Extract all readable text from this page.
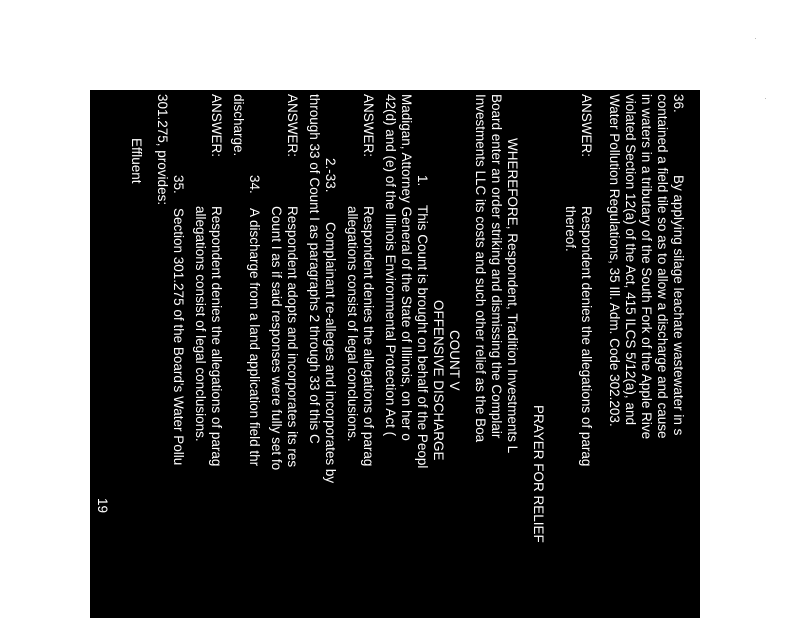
36.
By applying silage leachate wastewater in s
contained a field tile so as to allow a discharge and cause
in waters in a tributary of the South Fork of the Apple Rive
violated Section 12(a) of the Act, 415 ILCS 5/12(a), and
Water Pollution Regulations, 35 Ill. Adm. Code 302.203.
ANSWER:
Respondent denies the allegations of parag
thereof.
PRAYER FOR RELIEF
WHEREFORE, Respondent, Tradition Investments L
Board enter an order striking and dismissing the Complair
Investments LLC its costs and such other relief as the Boa
COUNT V
OFFENSIVE DISCHARGE
1.
This Count is brought on behalf of the Peopl
Madigan, Attorney General of the State of Illinois, on her o
42(d) and (e) of the Illinois Environmental Protection Act (
ANSWER:
Respondent denies the allegations of parag
allegations consist of legal conclusions.
2.-33.
Complainant re-alleges and incorporates by
through 33 of Count I as paragraphs 2 through 33 of this C
ANSWER:
Respondent adopts and incorporates its res
Count I as if said responses were fully set fo
34.
A discharge from a land application field thr
discharge.
ANSWER:
Respondent denies the allegations of parag
allegations consist of legal conclusions.
35.
Section 301.275 of the Board's Water Pollu
301.275, provides:
Effluent
19
